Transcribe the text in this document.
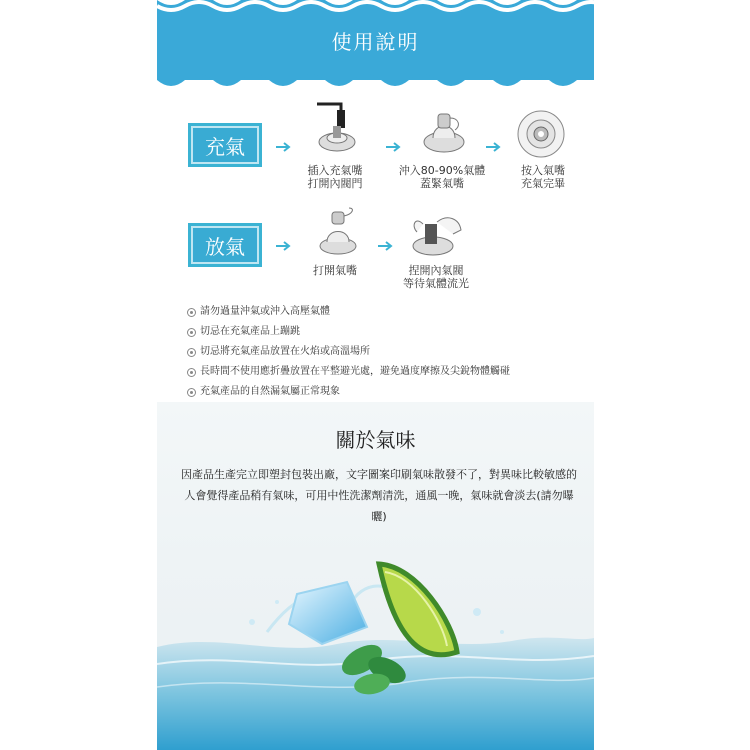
使用說明
充氣
插入充氣嘴
打開內閥門
沖入80-90%氣體
蓋緊氣嘴
按入氣嘴
充氣完畢
放氣
打開氣嘴	捏開內氣閥
等待氣體流光
請勿過量沖氣或沖入高壓氣體
切忌在充氣產品上蹦跳
切忌將充氣產品放置在火焰或高溫場所
長時間不使用應折疊放置在平整避光處，避免過度摩擦及尖銳物體觸碰
充氣產品的自然漏氣屬正常現象
關於氣味
因產品生產完立即塑封包裝出廠，文字圖案印刷氣味散發不了，對異味比較敏感的
人會覺得產品稍有氣味，可用中性洗潔劑清洗，通風一晚，氣味就會淡去(請勿曝曬)
